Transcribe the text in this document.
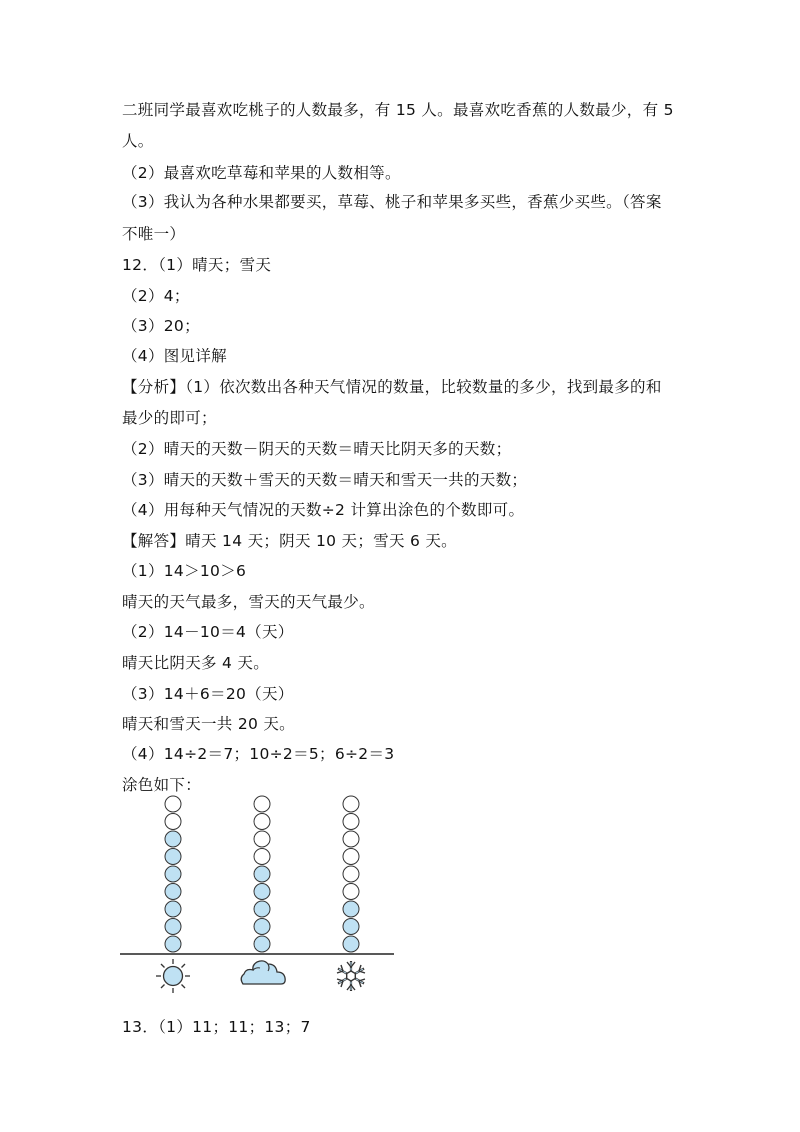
二班同学最喜欢吃桃子的人数最多，有 15 人。最喜欢吃香蕉的人数最少，有 5
人。
（2）最喜欢吃草莓和苹果的人数相等。
（3）我认为各种水果都要买，草莓、桃子和苹果多买些，香蕉少买些。（答案
不唯一）
12．（1）晴天；雪天
（2）4；
（3）20；
（4）图见详解
【分析】（1）依次数出各种天气情况的数量，比较数量的多少，找到最多的和
最少的即可；
（2）晴天的天数－阴天的天数＝晴天比阴天多的天数；
（3）晴天的天数＋雪天的天数＝晴天和雪天一共的天数；
（4）用每种天气情况的天数÷2 计算出涂色的个数即可。
【解答】晴天 14 天；阴天 10 天；雪天 6 天。
（1）14＞10＞6
晴天的天气最多，雪天的天气最少。
（2）14－10＝4（天）
晴天比阴天多 4 天。
（3）14＋6＝20（天）
晴天和雪天一共 20 天。
（4）14÷2＝7；10÷2＝5；6÷2＝3
涂色如下：
13．（1）11；11；13；7
